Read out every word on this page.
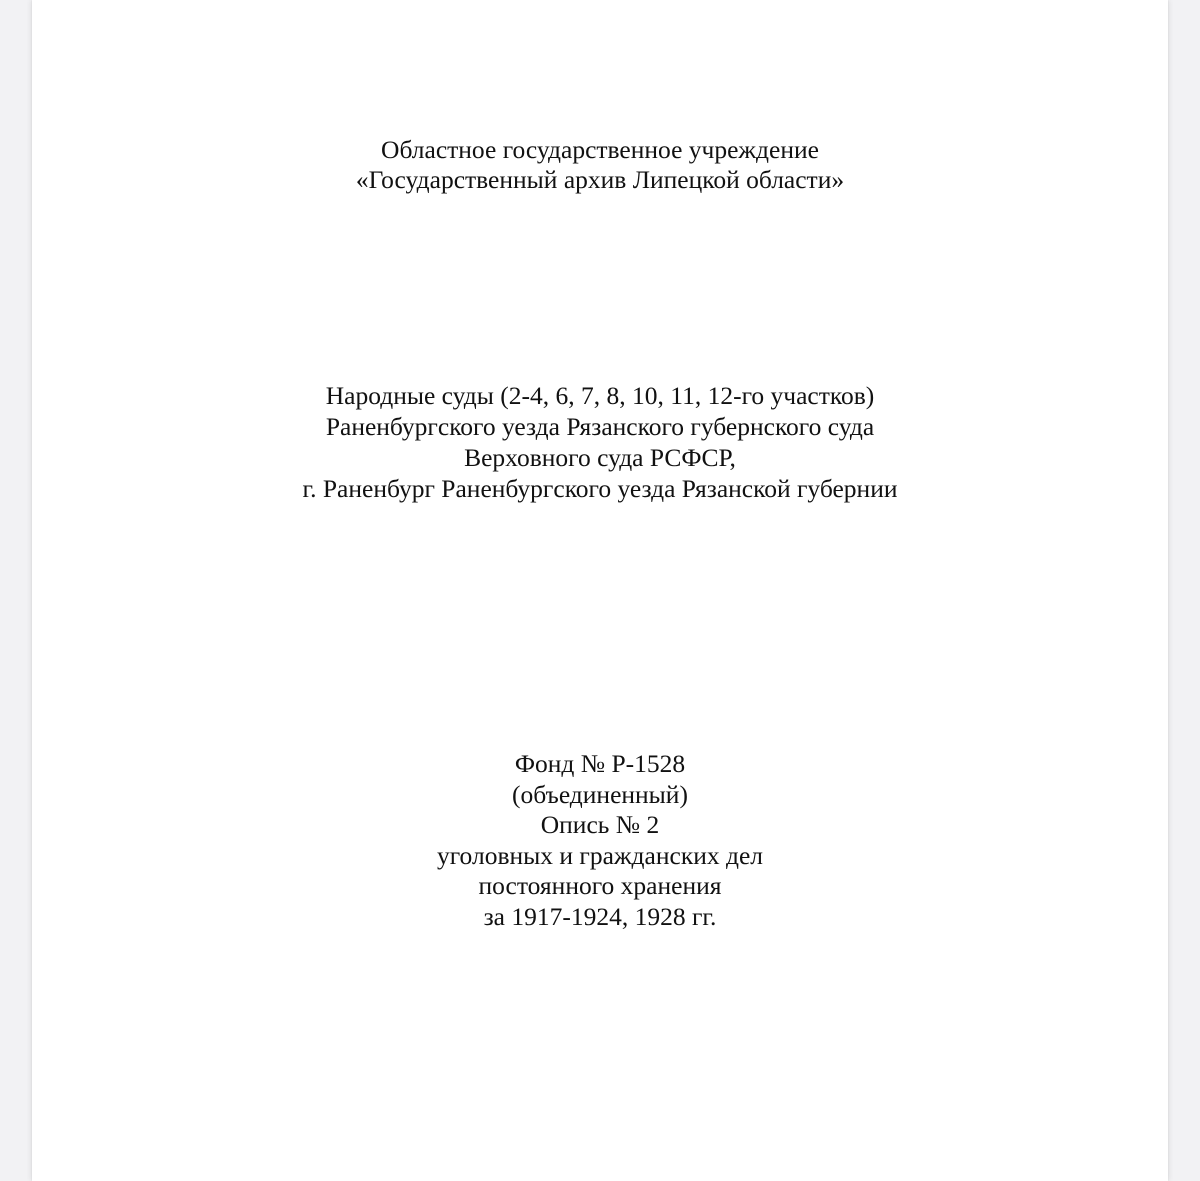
Областное государственное учреждение
«Государственный архив Липецкой области»
Народные суды (2-4, 6, 7, 8, 10, 11, 12-го участков)
Раненбургского уезда Рязанского губернского суда
Верховного суда РСФСР,
г. Раненбург Раненбургского уезда Рязанской губернии
Фонд № Р-1528
(объединенный)
Опись № 2
уголовных и гражданских дел
постоянного хранения
за 1917-1924, 1928 гг.
